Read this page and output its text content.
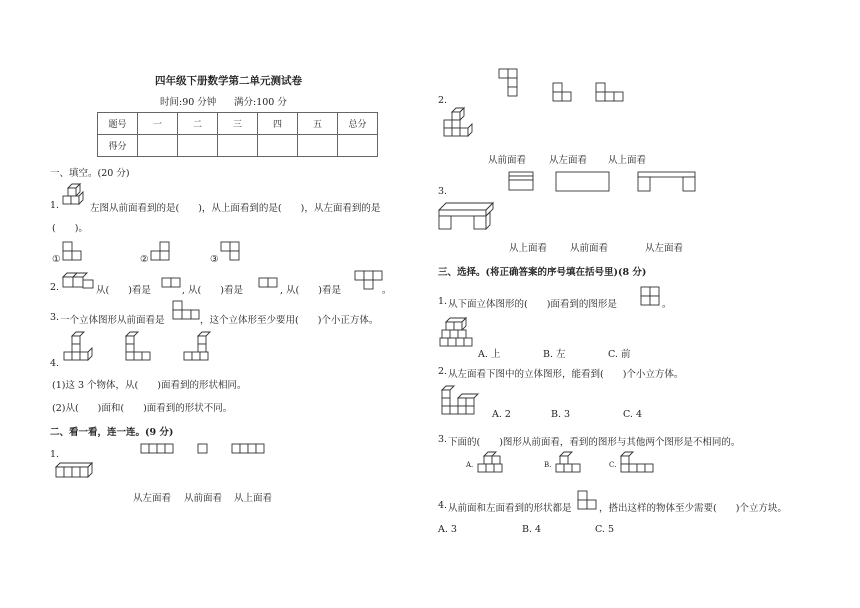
四年级下册数学第二单元测试卷
时间:90 分钟 满分:100 分
题号	一	二	三	四	五	总分
得分						
一、填空。(20 分)
1.	左图从前面看到的是(　　)，从上面看到的是(　　)，从左面看到的是
(　　)。
①	②	③
2.	从(　　)看是	, 从(　　)看是	, 从(　　)看是	。
3. 一个立体图形从前面看是	，这个立体形至少要用(　　)个小正方体。
4.
(1)这 3 个物体，从(　　)面看到的形状相同。
(2)从(　　)面和(　　)面看到的形状不同。
二、看一看，连一连。(9 分)
1.
从左面看 从前面看 从上面看
2.
从前面看 从左面看 从上面看
3.
从上面看 从前面看	从左面看
三、选择。(将正确答案的序号填在括号里)(8 分)
1. 从下面立体图形的(　　)面看到的图形是	。
A. 上	B. 左	C. 前
2. 从左面看下图中的立体图形，能看到(　　)个小立方体。
A. 2	B. 3	C. 4
3. 下面的(　　)图形从前面看，看到的图形与其他两个图形是不相同的。
A.	B.	C.
4. 从前面和左面看到的形状都是	，搭出这样的物体至少需要(　　)个立方块。
A. 3	B. 4	C. 5
